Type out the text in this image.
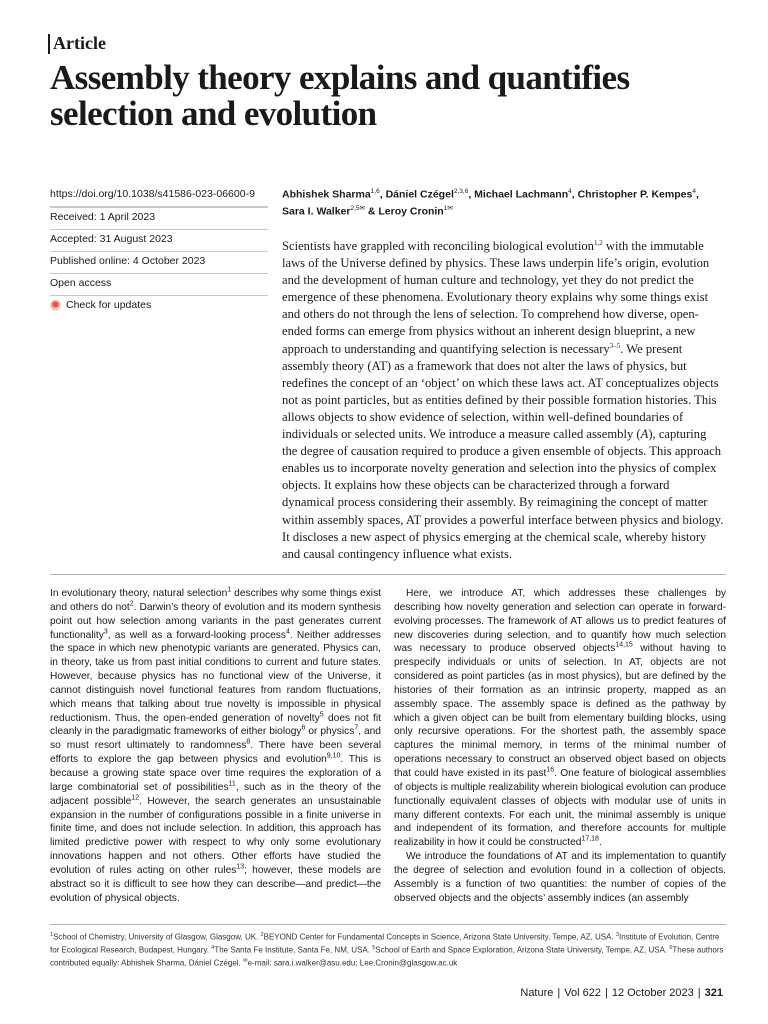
Article
Assembly theory explains and quantifies selection and evolution
https://doi.org/10.1038/s41586-023-06600-9
Received: 1 April 2023
Accepted: 31 August 2023
Published online: 4 October 2023
Open access
Check for updates
Abhishek Sharma$^{1,6}$, Dániel Czégel$^{2,3,6}$, Michael Lachmann$^4$, Christopher P. Kempes$^4$, Sara I. Walker$^{2,5✉}$ & Leroy Cronin$^{1✉}$

Scientists have grappled with reconciling biological evolution$^{1,2}$ with the immutable laws of the Universe defined by physics. These laws underpin life’s origin, evolution and the development of human culture and technology, yet they do not predict the emergence of these phenomena. Evolutionary theory explains why some things exist and others do not through the lens of selection. To comprehend how diverse, open-ended forms can emerge from physics without an inherent design blueprint, a new approach to understanding and quantifying selection is necessary$^{3-5}$. We present assembly theory (AT) as a framework that does not alter the laws of physics, but redefines the concept of an ‘object’ on which these laws act. AT conceptualizes objects not as point particles, but as entities defined by their possible formation histories. This allows objects to show evidence of selection, within well-defined boundaries of individuals or selected units. We introduce a measure called assembly (A), capturing the degree of causation required to produce a given ensemble of objects. This approach enables us to incorporate novelty generation and selection into the physics of complex objects. It explains how these objects can be characterized through a forward dynamical process considering their assembly. By reimagining the concept of matter within assembly spaces, AT provides a powerful interface between physics and biology. It discloses a new aspect of physics emerging at the chemical scale, whereby history and causal contingency influence what exists.

In evolutionary theory, natural selection$^1$ describes why some things exist and others do not$^2$. Darwin’s theory of evolution and its modern synthesis point out how selection among variants in the past generates current functionality$^3$, as well as a forward-looking process$^4$. Neither addresses the space in which new phenotypic variants are generated. Physics can, in theory, take us from past initial conditions to current and future states. However, because physics has no functional view of the Universe, it cannot distinguish novel functional features from random fluctuations, which means that talking about true novelty is impossible in physical reductionism. Thus, the open-ended generation of novelty$^5$ does not fit cleanly in the paradigmatic frameworks of either biology$^6$ or physics$^7$, and so must resort ultimately to randomness$^8$. There have been several efforts to explore the gap between physics and evolution$^{9,10}$. This is because a growing state space over time requires the exploration of a large combinatorial set of possibilities$^{11}$, such as in the theory of the adjacent possible$^{12}$. However, the search generates an unsustainable expansion in the number of configurations possible in a finite universe in finite time, and does not include selection. In addition, this approach has limited predictive power with respect to why only some evolutionary innovations happen and not others. Other efforts have studied the evolution of rules acting on other rules$^{13}$; however, these models are abstract so it is difficult to see how they can describe—and predict—the evolution of physical objects.

Here, we introduce AT, which addresses these challenges by describing how novelty generation and selection can operate in forward-evolving processes. The framework of AT allows us to predict features of new discoveries during selection, and to quantify how much selection was necessary to produce observed objects$^{14,15}$ without having to prespecify individuals or units of selection. In AT, objects are not considered as point particles (as in most physics), but are defined by the histories of their formation as an intrinsic property, mapped as an assembly space. The assembly space is defined as the pathway by which a given object can be built from elementary building blocks, using only recursive operations. For the shortest path, the assembly space captures the minimal memory, in terms of the minimal number of operations necessary to construct an observed object based on objects that could have existed in its past$^{16}$. One feature of biological assemblies of objects is multiple realizability wherein biological evolution can produce functionally equivalent classes of objects with modular use of units in many different contexts. For each unit, the minimal assembly is unique and independent of its formation, and therefore accounts for multiple realizability in how it could be constructed$^{17,18}$.

We introduce the foundations of AT and its implementation to quantify the degree of selection and evolution found in a collection of objects. Assembly is a function of two quantities: the number of copies of the observed objects and the objects’ assembly indices (an assembly

$^1$School of Chemistry, University of Glasgow, Glasgow, UK. $^2$BEYOND Center for Fundamental Concepts in Science, Arizona State University, Tempe, AZ, USA. $^3$Institute of Evolution, Centre for Ecological Research, Budapest, Hungary. $^4$The Santa Fe Institute, Santa Fe, NM, USA. $^5$School of Earth and Space Exploration, Arizona State University, Tempe, AZ, USA. $^6$These authors contributed equally: Abhishek Sharma, Dániel Czégel. ✉e-mail: sara.i.walker@asu.edu; Lee.Cronin@glasgow.ac.uk
Nature | Vol 622 | 12 October 2023 | 321
